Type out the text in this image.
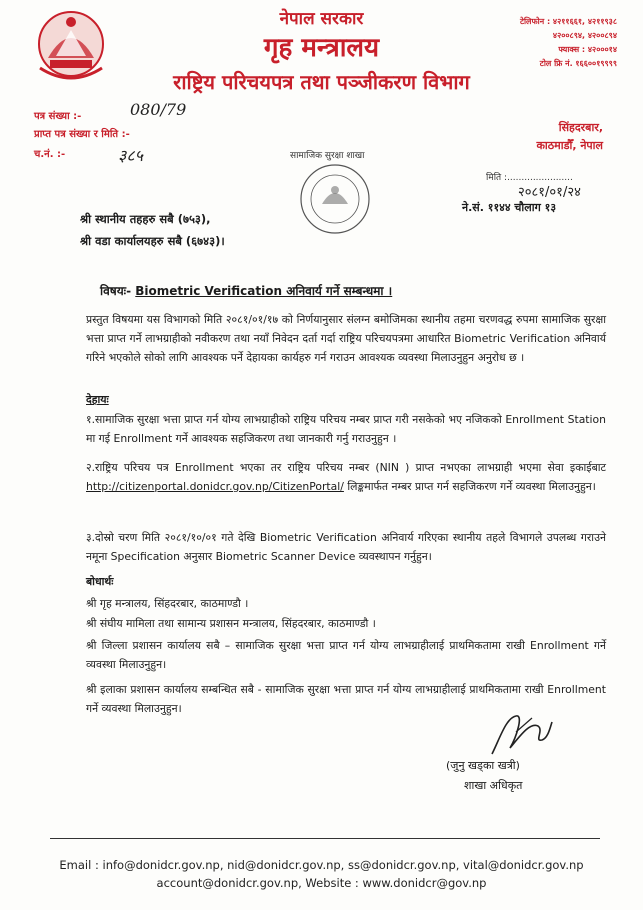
नेपाल सरकार
गृह मन्त्रालय
राष्ट्रिय परिचयपत्र तथा पञ्जीकरण विभाग
टेलिफोन : ४२११६६१, ४२११९३८
४२००८९४, ४२००८९४
फ्याक्स : ४२०००१४
टोल फ्रि नं. १६६००१९९९९
पत्र संख्या :-	080/79
प्राप्त पत्र संख्या र मिति :-
च.नं. :-	३८५
सिंहदरबार,
काठमाडौँ, नेपाल
सामाजिक सुरक्षा शाखा
मिति :.......................
२०८१/०१/२४
ने.सं. ११४४ चौलाग १३
श्री स्थानीय तहहरु सबै (७५३),
श्री वडा कार्यालयहरु सबै (६७४३)।
विषयः- Biometric Verification अनिवार्य गर्ने सम्बन्धमा ।
प्रस्तुत विषयमा यस विभागको मिति २०८१/०१/१७ को निर्णयानुसार संलग्न बमोजिमका स्थानीय तहमा चरणवद्ध रुपमा सामाजिक सुरक्षा भत्ता प्राप्त गर्ने लाभग्राहीको नवीकरण तथा नयाँ निवेदन दर्ता गर्दा राष्ट्रिय परिचयपत्रमा आधारित Biometric Verification अनिवार्य गरिने भएकोले सोको लागि आवश्यक पर्ने देहायका कार्यहरु गर्न गराउन आवश्यक व्यवस्था मिलाउनुहुन अनुरोध छ ।
देहायः
१.सामाजिक सुरक्षा भत्ता प्राप्त गर्न योग्य लाभग्राहीको राष्ट्रिय परिचय नम्बर प्राप्त गरी नसकेको भए नजिकको Enrollment Station मा गई Enrollment गर्ने आवश्यक सहजिकरण तथा जानकारी गर्नु गराउनुहुन ।
२.राष्ट्रिय परिचय पत्र Enrollment भएका तर राष्ट्रिय परिचय नम्बर (NIN ) प्राप्त नभएका लाभग्राही भएमा सेवा इकाईबाट http://citizenportal.donidcr.gov.np/CitizenPortal/ लिङ्कमार्फत नम्बर प्राप्त गर्न सहजिकरण गर्ने व्यवस्था मिलाउनुहुन।
३.दोस्रो चरण मिति २०८१/१०/०१ गते देखि Biometric Verification अनिवार्य गरिएका स्थानीय तहले विभागले उपलब्ध गराउने नमूना Specification अनुसार Biometric Scanner Device व्यवस्थापन गर्नुहुन।
बोधार्थः
श्री गृह मन्त्रालय, सिंहदरबार, काठमाण्डौ ।
श्री संघीय मामिला तथा सामान्य प्रशासन मन्त्रालय, सिंहदरबार, काठमाण्डौ ।
श्री जिल्ला प्रशासन कार्यालय सबै – सामाजिक सुरक्षा भत्ता प्राप्त गर्न योग्य लाभग्राहीलाई प्राथमिकतामा राखी Enrollment गर्ने व्यवस्था मिलाउनुहुन।
श्री इलाका प्रशासन कार्यालय सम्बन्धित सबै - सामाजिक सुरक्षा भत्ता प्राप्त गर्न योग्य लाभग्राहीलाई प्राथमिकतामा राखी Enrollment गर्ने व्यवस्था मिलाउनुहुन।
(जुनु खड्का खत्री)
शाखा अधिकृत
Email : info@donidcr.gov.np, nid@donidcr.gov.np, ss@donidcr.gov.np, vital@donidcr.gov.np
account@donidcr.gov.np, Website : www.donidcr@gov.np
